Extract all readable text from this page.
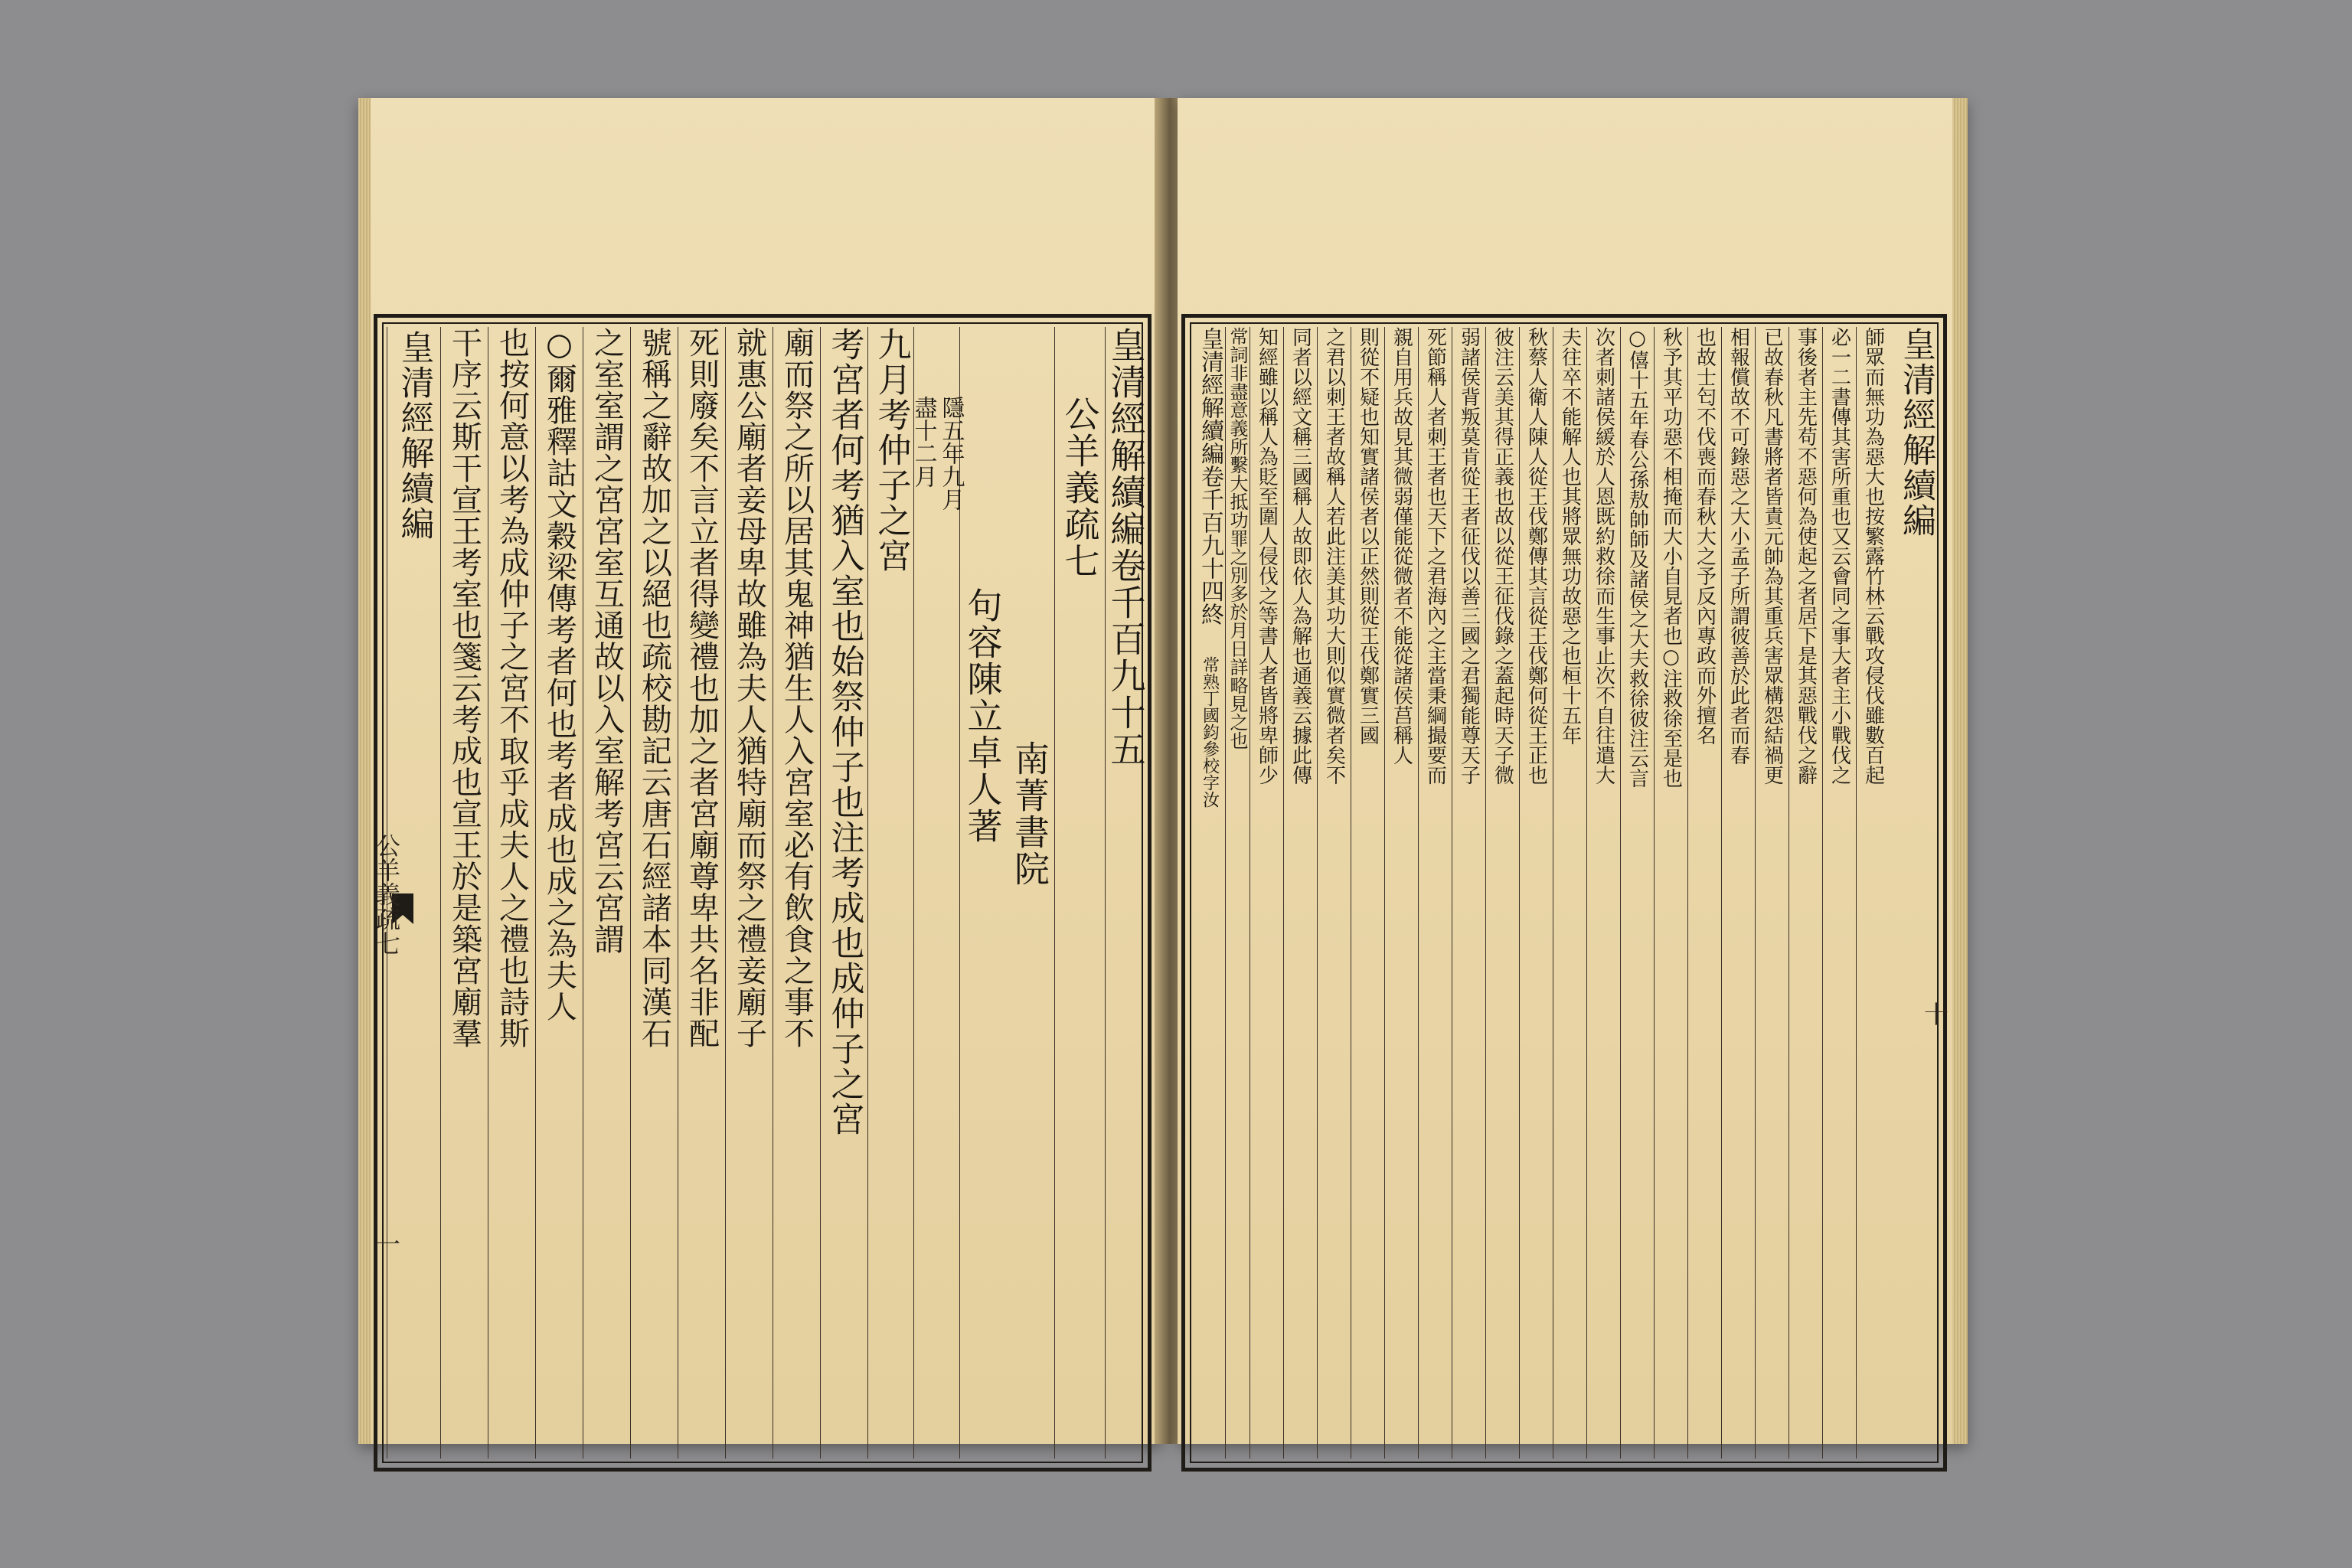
皇清經解續編卷千百九十五
公羊義疏七
南菁書院
句容陳立卓人著
隱五年九月
盡十二月
九月考仲子之宮
考宮者何考猶入室也始祭仲子也注考成也成仲子之宮
廟而祭之所以居其鬼神猶生人入宮室必有飲食之事不
就惠公廟者妾母卑故雖為夫人猶特廟而祭之禮妾廟子
死則廢矣不言立者得變禮也加之者宮廟尊卑共名非配
號稱之辭故加之以絕也疏校勘記云唐石經諸本同漢石
之室室謂之宮宮室互通故以入室解考宮云宮謂
○爾雅釋詁文穀梁傳考者何也考者成也成之為夫人
也按何意以考為成仲子之宮不取乎成夫人之禮也詩斯
干序云斯干宣王考室也箋云考成也宣王於是築宮廟羣
皇清經解續編
公羊義疏七
一
皇清經解續編
師眾而無功為惡大也按繁露竹林云戰攻侵伐雖數百起
必一二書傳其害所重也又云會同之事大者主小戰伐之
事後者主先苟不惡何為使起之者居下是其惡戰伐之辭
已故春秋凡書將者皆責元帥為其重兵害眾構怨結禍更
相報償故不可錄惡之大小孟子所謂彼善於此者而春
也故士匄不伐喪而春秋大之予反內專政而外擅名
秋予其平功惡不相掩而大小自見者也○注救徐至是也
○僖十五年春公孫敖帥師及諸侯之大夫救徐彼注云言
次者刺諸侯緩於人恩既約救徐而生事止次不自往遣大
夫往卒不能解人也其將眾無功故惡之也桓十五年
秋蔡人衛人陳人從王伐鄭傳其言從王伐鄭何從王正也
彼注云美其得正義也故以從王征伐錄之蓋起時天子微
弱諸侯背叛莫肯從王者征伐以善三國之君獨能尊天子
死節稱人者刺王者也天下之君海內之主當秉綱撮要而
親自用兵故見其微弱僅能從微者不能從諸侯莒稱人
則從不疑也知實諸侯者以正然則從王伐鄭實三國
之君以刺王者故稱人若此注美其功大則似實微者矣不
同者以經文稱三國稱人故即依人為解也通義云據此傳
知經雖以稱人為貶至圍人侵伐之等書人者皆將卑師少
常詞非盡意義所繫大抵功罪之別多於月日詳略見之也
皇清經解續編卷千百九十四終
常熟丁國鈞參校字汝
十
